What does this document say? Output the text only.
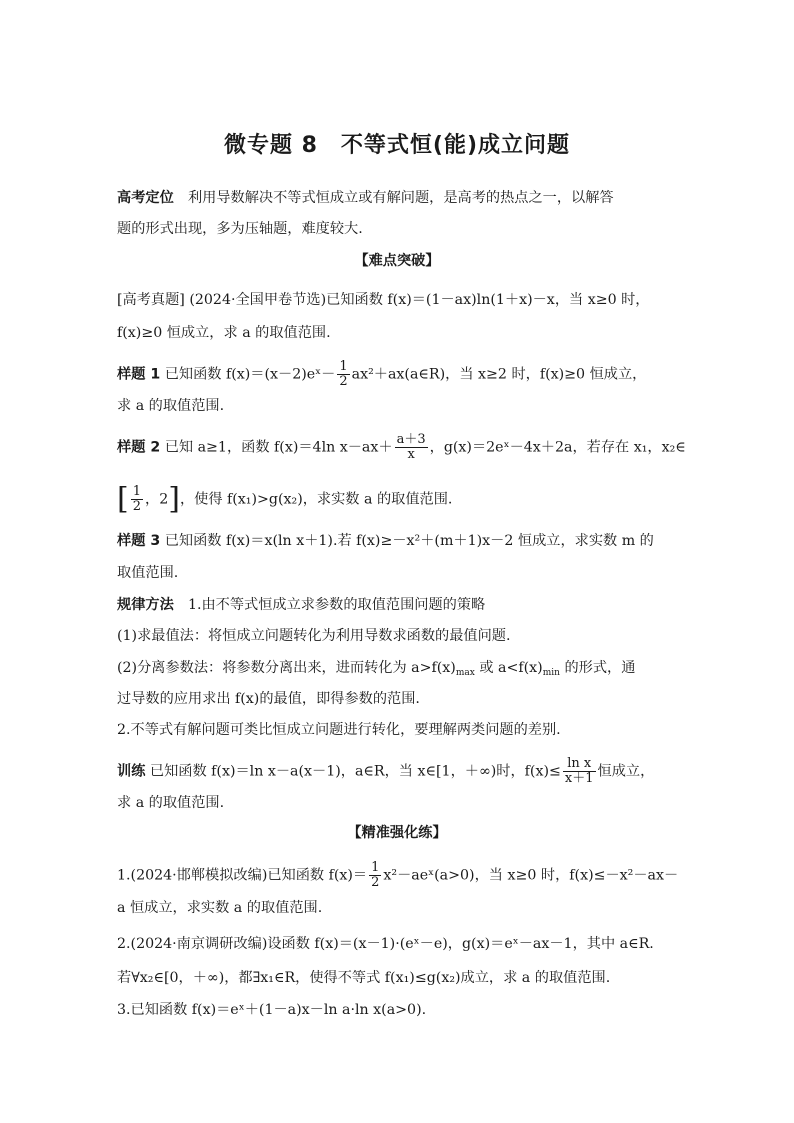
微专题 8　不等式恒(能)成立问题
高考定位　利用导数解决不等式恒成立或有解问题，是高考的热点之一，以解答
题的形式出现，多为压轴题，难度较大.
【难点突破】
[高考真题] (2024·全国甲卷节选)已知函数 f(x)＝(1－ax)ln(1＋x)－x，当 x≥0 时，
f(x)≥0 恒成立，求 a 的取值范围.
样题 1 已知函数 f(x)＝(x－2)eˣ－ $\frac{1}{2}$ ax²＋ax(a∈R)，当 x≥2 时，f(x)≥0 恒成立，
求 a 的取值范围.
样题 2 已知 a≥1，函数 f(x)＝4ln $x-ax+ \frac{a+3}{x}$ ，g(x)＝2eˣ－4x＋2a，若存在 x₁，x₂∈
[ $\frac{1}{2}$ ，2]，使得 f(x₁)>g(x₂)，求实数 a 的取值范围.
样题 3 已知函数 f(x)＝x(ln x＋1).若 f(x)≥－x²＋(m＋1)x－2 恒成立，求实数 m 的
取值范围.
规律方法　1.由不等式恒成立求参数的取值范围问题的策略
(1)求最值法：将恒成立问题转化为利用导数求函数的最值问题.
(2)分离参数法：将参数分离出来，进而转化为 $a>f(x)_{max}$ 或 $a<f(x)_{min}$ 的形式，通
过导数的应用求出 f(x)的最值，即得参数的范围.
2.不等式有解问题可类比恒成立问题进行转化，要理解两类问题的差别.
训练 已知函数 f(x)＝ln x－a(x－1)，a∈R，当 x∈[1，＋∞)时，$f(x)\le \frac{\text{ln x}}{x+1}$ 恒成立，
求 a 的取值范围.
【精准强化练】
1.(2024·邯郸模拟改编)已知函数 $f(x)= \frac{1}{2}$ x²－aeˣ(a>0)，当 x≥0 时，f(x)≤－x²－ax－
a 恒成立，求实数 a 的取值范围.
2.(2024·南京调研改编)设函数 f(x)＝(x－1)·(eˣ－e)，g(x)＝eˣ－ax－1，其中 a∈R.
若∀x₂∈[0，＋∞)，都∃x₁∈R，使得不等式 f(x₁)≤g(x₂)成立，求 a 的取值范围.
3.已知函数 f(x)＝eˣ＋(1－a)x－ln a·ln x(a>0).
